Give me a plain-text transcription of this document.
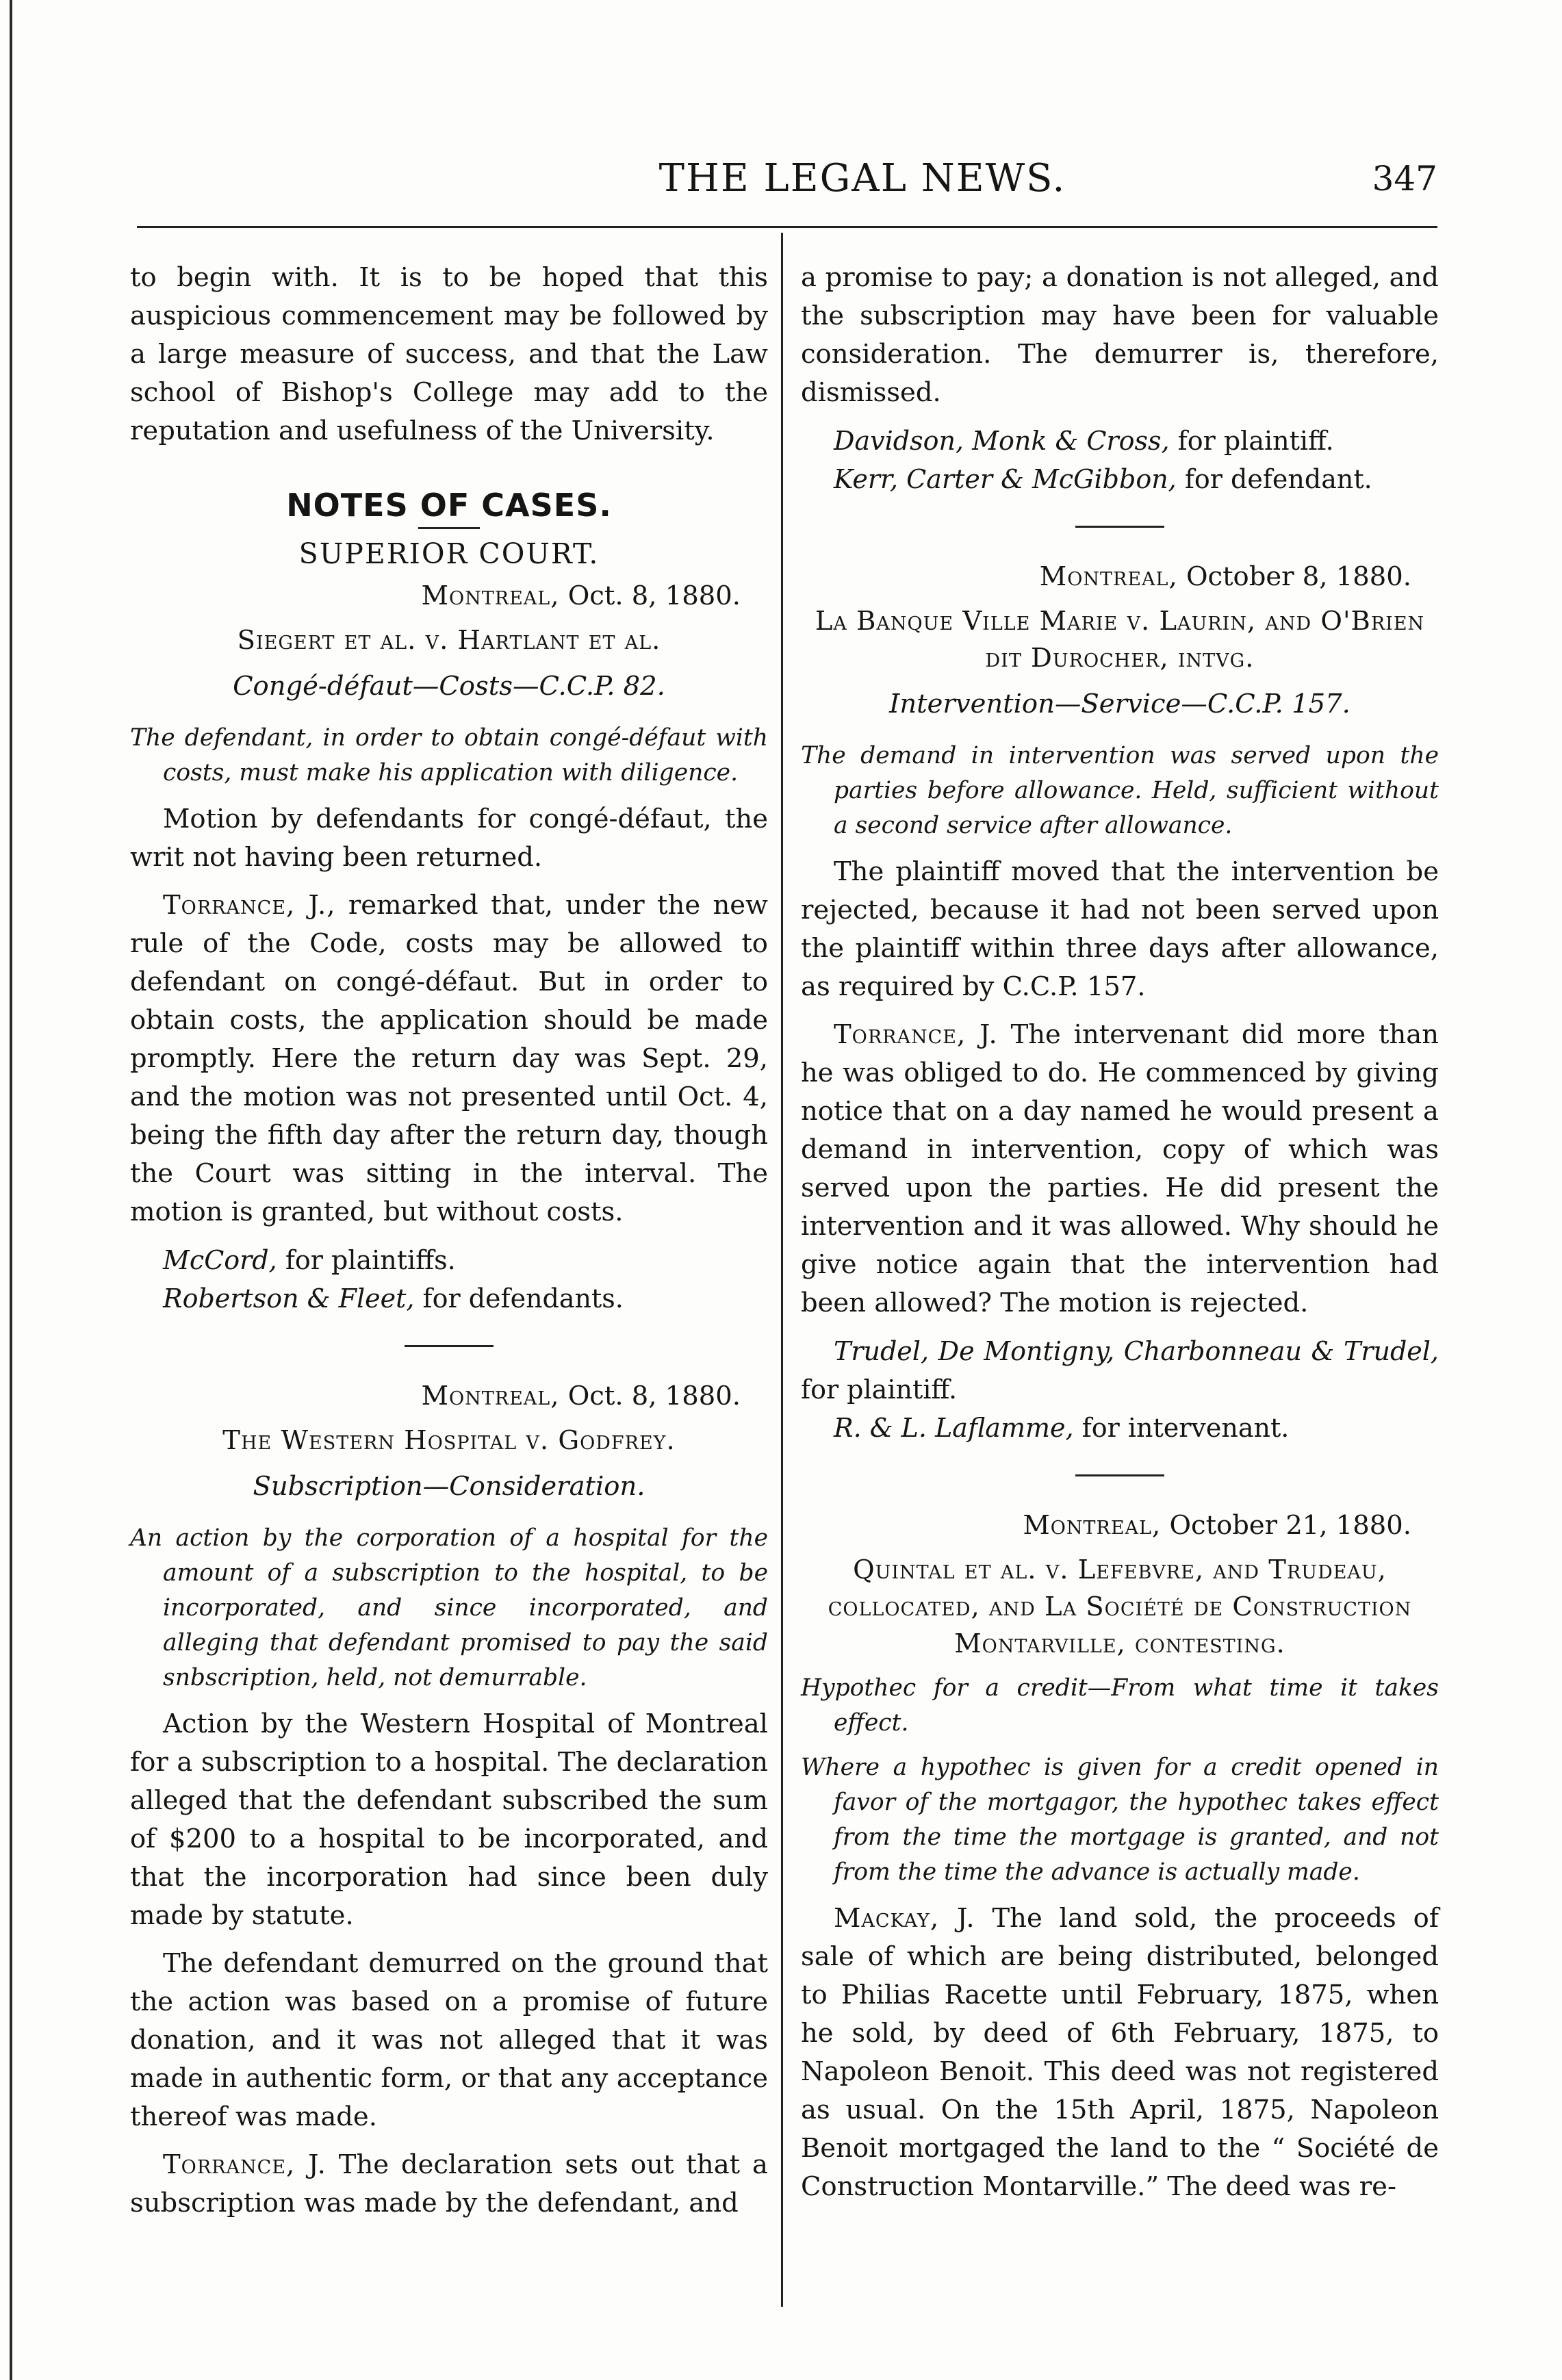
THE LEGAL NEWS.	347

to begin with. It is to be hoped that this auspicious commencement may be followed by a large measure of success, and that the Law school of Bishop's College may add to the reputation and usefulness of the University.

NOTES OF CASES.
SUPERIOR COURT.
Montreal, Oct. 8, 1880.
Siegert et al. v. Hartlant et al.
Congé-défaut—Costs—C.C.P. 82.

The defendant, in order to obtain congé-défaut with costs, must make his application with diligence.

Motion by defendants for congé-défaut, the writ not having been returned.

Torrance, J., remarked that, under the new rule of the Code, costs may be allowed to defendant on congé-défaut. But in order to obtain costs, the application should be made promptly. Here the return day was Sept. 29, and the motion was not presented until Oct. 4, being the fifth day after the return day, though the Court was sitting in the interval. The motion is granted, but without costs.

McCord, for plaintiffs.

Robertson & Fleet, for defendants.

Montreal, Oct. 8, 1880.
The Western Hospital v. Godfrey.
Subscription—Consideration.

An action by the corporation of a hospital for the amount of a subscription to the hospital, to be incorporated, and since incorporated, and alleging that defendant promised to pay the said snbscription, held, not demurrable.

Action by the Western Hospital of Montreal for a subscription to a hospital. The declaration alleged that the defendant subscribed the sum of $200 to a hospital to be incorporated, and that the incorporation had since been duly made by statute.

The defendant demurred on the ground that the action was based on a promise of future donation, and it was not alleged that it was made in authentic form, or that any acceptance thereof was made.

Torrance, J. The declaration sets out that a subscription was made by the defendant, and

a promise to pay; a donation is not alleged, and the subscription may have been for valuable consideration. The demurrer is, therefore, dismissed.

Davidson, Monk & Cross, for plaintiff.

Kerr, Carter & McGibbon, for defendant.

Montreal, October 8, 1880.
La Banque Ville Marie v. Laurin, and O'Brien dit Durocher, intvg.
Intervention—Service—C.C.P. 157.

The demand in intervention was served upon the parties before allowance. Held, sufficient without a second service after allowance.

The plaintiff moved that the intervention be rejected, because it had not been served upon the plaintiff within three days after allowance, as required by C.C.P. 157.

Torrance, J. The intervenant did more than he was obliged to do. He commenced by giving notice that on a day named he would present a demand in intervention, copy of which was served upon the parties. He did present the intervention and it was allowed. Why should he give notice again that the intervention had been allowed? The motion is rejected.

Trudel, De Montigny, Charbonneau & Trudel, for plaintiff.

R. & L. Laflamme, for intervenant.

Montreal, October 21, 1880.
Quintal et al. v. Lefebvre, and Trudeau, collocated, and La Société de Construction Montarville, contesting.

Hypothec for a credit—From what time it takes effect.

Where a hypothec is given for a credit opened in favor of the mortgagor, the hypothec takes effect from the time the mortgage is granted, and not from the time the advance is actually made.

Mackay, J. The land sold, the proceeds of sale of which are being distributed, belonged to Philias Racette until February, 1875, when he sold, by deed of 6th February, 1875, to Napoleon Benoit. This deed was not registered as usual. On the 15th April, 1875, Napoleon Benoit mortgaged the land to the “ Société de Construction Montarville.” The deed was re-
